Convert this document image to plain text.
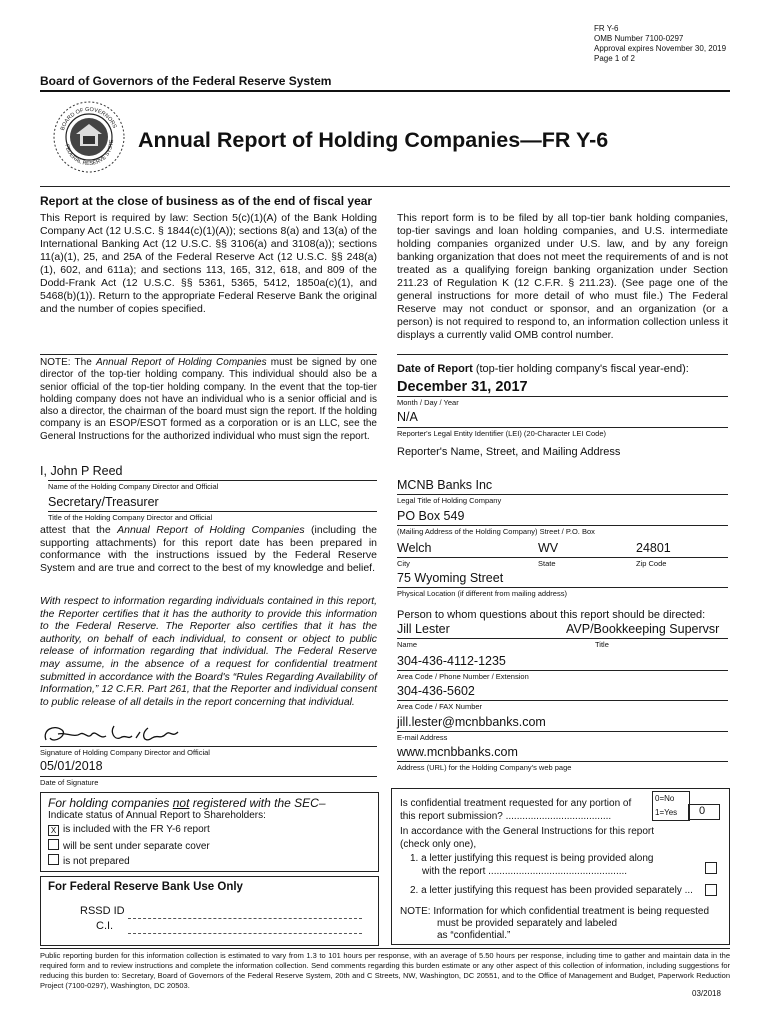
FR Y-6
OMB Number 7100-0297
Approval expires November 30, 2019
Page 1 of 2
Board of Governors of the Federal Reserve System
BOARD OF GOVERNORS
FEDERAL RESERVE SYSTE Annual Report of Holding Companies—FR Y-6
Report at the close of business as of the end of fiscal year
This Report is required by law: Section 5(c)(1)(A) of the Bank Holding Company Act (12 U.S.C. § 1844(c)(1)(A)); sections 8(a) and 13(a) of the International Banking Act (12 U.S.C. §§ 3106(a) and 3108(a)); sections 11(a)(1), 25, and 25A of the Federal Reserve Act (12 U.S.C. §§ 248(a)(1), 602, and 611a); and sections 113, 165, 312, 618, and 809 of the Dodd-Frank Act (12 U.S.C. §§ 5361, 5365, 5412, 1850a(c)(1), and 5468(b)(1)). Return to the appropriate Federal Reserve Bank the original and the number of copies specified.
This report form is to be filed by all top-tier bank holding companies, top-tier savings and loan holding companies, and U.S. intermediate holding companies organized under U.S. law, and by any foreign banking organization that does not meet the requirements of and is not treated as a qualifying foreign banking organization under Section 211.23 of Regulation K (12 C.F.R. § 211.23). (See page one of the general instructions for more detail of who must file.) The Federal Reserve may not conduct or sponsor, and an organization (or a person) is not required to respond to, an information collection unless it displays a currently valid OMB control number.
NOTE: The Annual Report of Holding Companies must be signed by one director of the top-tier holding company. This individual should also be a senior official of the top-tier holding company. In the event that the top-tier holding company does not have an individual who is a senior official and is also a director, the chairman of the board must sign the report. If the holding company is an ESOP/ESOT formed as a corporation or is an LLC, see the General Instructions for the authorized individual who must sign the report.
I, John P Reed
Name of the Holding Company Director and Official
Secretary/Treasurer
Title of the Holding Company Director and Official
attest that the Annual Report of Holding Companies (including the supporting attachments) for this report date has been prepared in conformance with the instructions issued by the Federal Reserve System and are true and correct to the best of my knowledge and belief.
With respect to information regarding individuals contained in this report, the Reporter certifies that it has the authority to provide this information to the Federal Reserve. The Reporter also certifies that it has the authority, on behalf of each individual, to consent or object to public release of information regarding that individual. The Federal Reserve may assume, in the absence of a request for confidential treatment submitted in accordance with the Board's “Rules Regarding Availability of Information,” 12 C.F.R. Part 261, that the Reporter and individual consent to public release of all details in the report concerning that individual.
Signature of Holding Company Director and Official
05/01/2018
Date of Signature
For holding companies not registered with the SEC–
Indicate status of Annual Report to Shareholders:
X is included with the FR Y-6 report
will be sent under separate cover
is not prepared
For Federal Reserve Bank Use Only
RSSD ID
C.I.
Date of Report (top-tier holding company's fiscal year-end):
December 31, 2017
Month / Day / Year
N/A
Reporter's Legal Entity Identifier (LEI) (20-Character LEI Code)
Reporter's Name, Street, and Mailing Address
MCNB Banks Inc
Legal Title of Holding Company
PO Box 549
(Mailing Address of the Holding Company) Street / P.O. Box
Welch	WV	24801
City	State	Zip Code
75 Wyoming Street
Physical Location (if different from mailing address)
Person to whom questions about this report should be directed:
Jill Lester	AVP/Bookkeeping Supervsr
Name	Title
304-436-4112-1235
Area Code / Phone Number / Extension
304-436-5602
Area Code / FAX Number
jill.lester@mcnbbanks.com
E-mail Address
www.mcnbbanks.com
Address (URL) for the Holding Company's web page
Is confidential treatment requested for any portion of
this report submission? ......................................
0=No
1=Yes 0
In accordance with the General Instructions for this report
(check only one),
1. a letter justifying this request is being provided along
with the report ..................................................
2. a letter justifying this request has been provided separately ...
NOTE: Information for which confidential treatment is being requested
must be provided separately and labeled
as “confidential.”
Public reporting burden for this information collection is estimated to vary from 1.3 to 101 hours per response, with an average of 5.50 hours per response, including time to gather and maintain data in the required form and to review instructions and complete the information collection. Send comments regarding this burden estimate or any other aspect of this collection of information, including suggestions for reducing this burden to: Secretary, Board of Governors of the Federal Reserve System, 20th and C Streets, NW, Washington, DC 20551, and to the Office of Management and Budget, Paperwork Reduction Project (7100-0297), Washington, DC 20503.
03/2018
